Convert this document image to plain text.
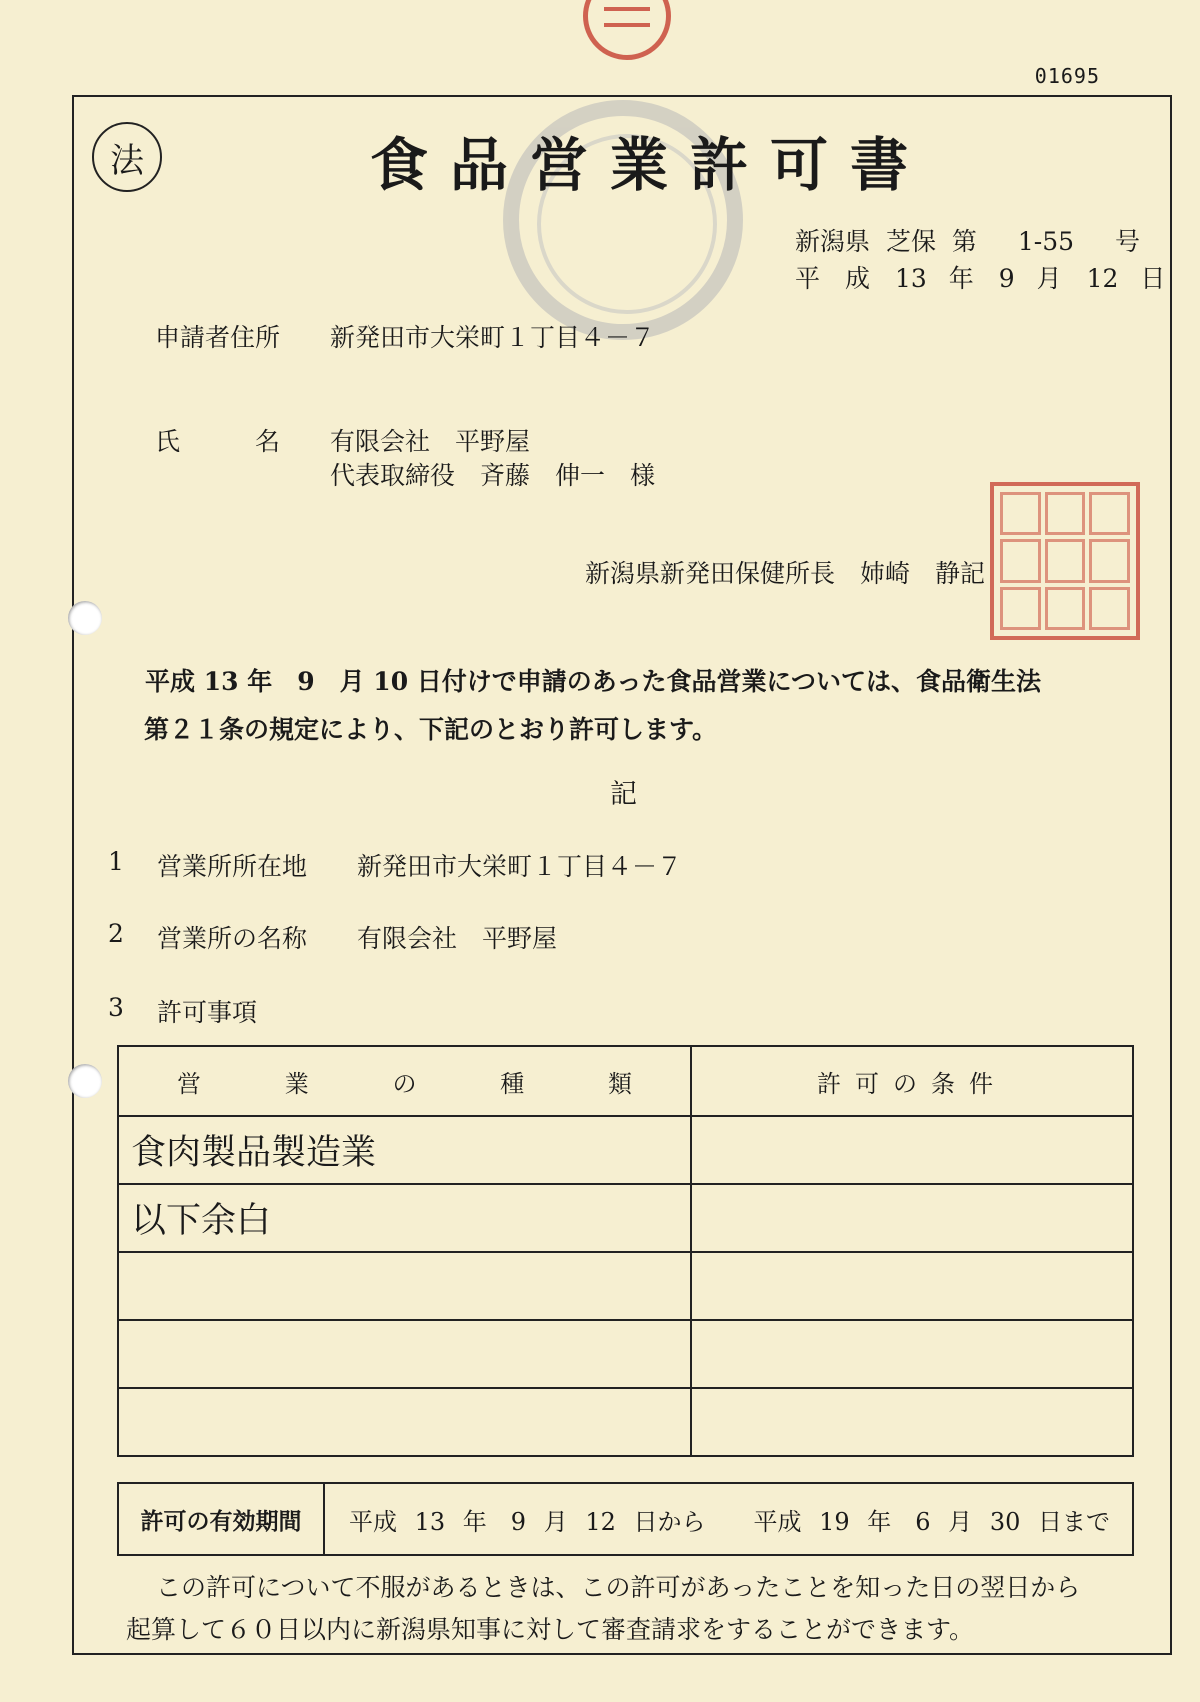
01695
法	食品営業許可書
新潟県 芝保 第　 1-55　 号
平　成　13 年　9 月　12 日
申請者住所 新発田市大栄町１丁目４－７
氏　　　名 有限会社　平野屋
代表取締役　斉藤　伸一　様
新潟県新発田保健所長　姉崎　静記
平成 13 年　9　月 10 日付けで申請のあった食品営業については、食品衛生法
第２１条の規定により、下記のとおり許可します。
記
1 営業所所在地 新発田市大栄町１丁目４－７
2 営業所の名称 有限会社　平野屋
3 許可事項
営 業 の 種 類	許可の条件
食肉製品製造業	
以下余白	

許可の有効期間	平成 13 年　9 月 12 日から　　平成 19 年　6 月 30 日まで
この許可について不服があるときは、この許可があったことを知った日の翌日から
起算して６０日以内に新潟県知事に対して審査請求をすることができます。
